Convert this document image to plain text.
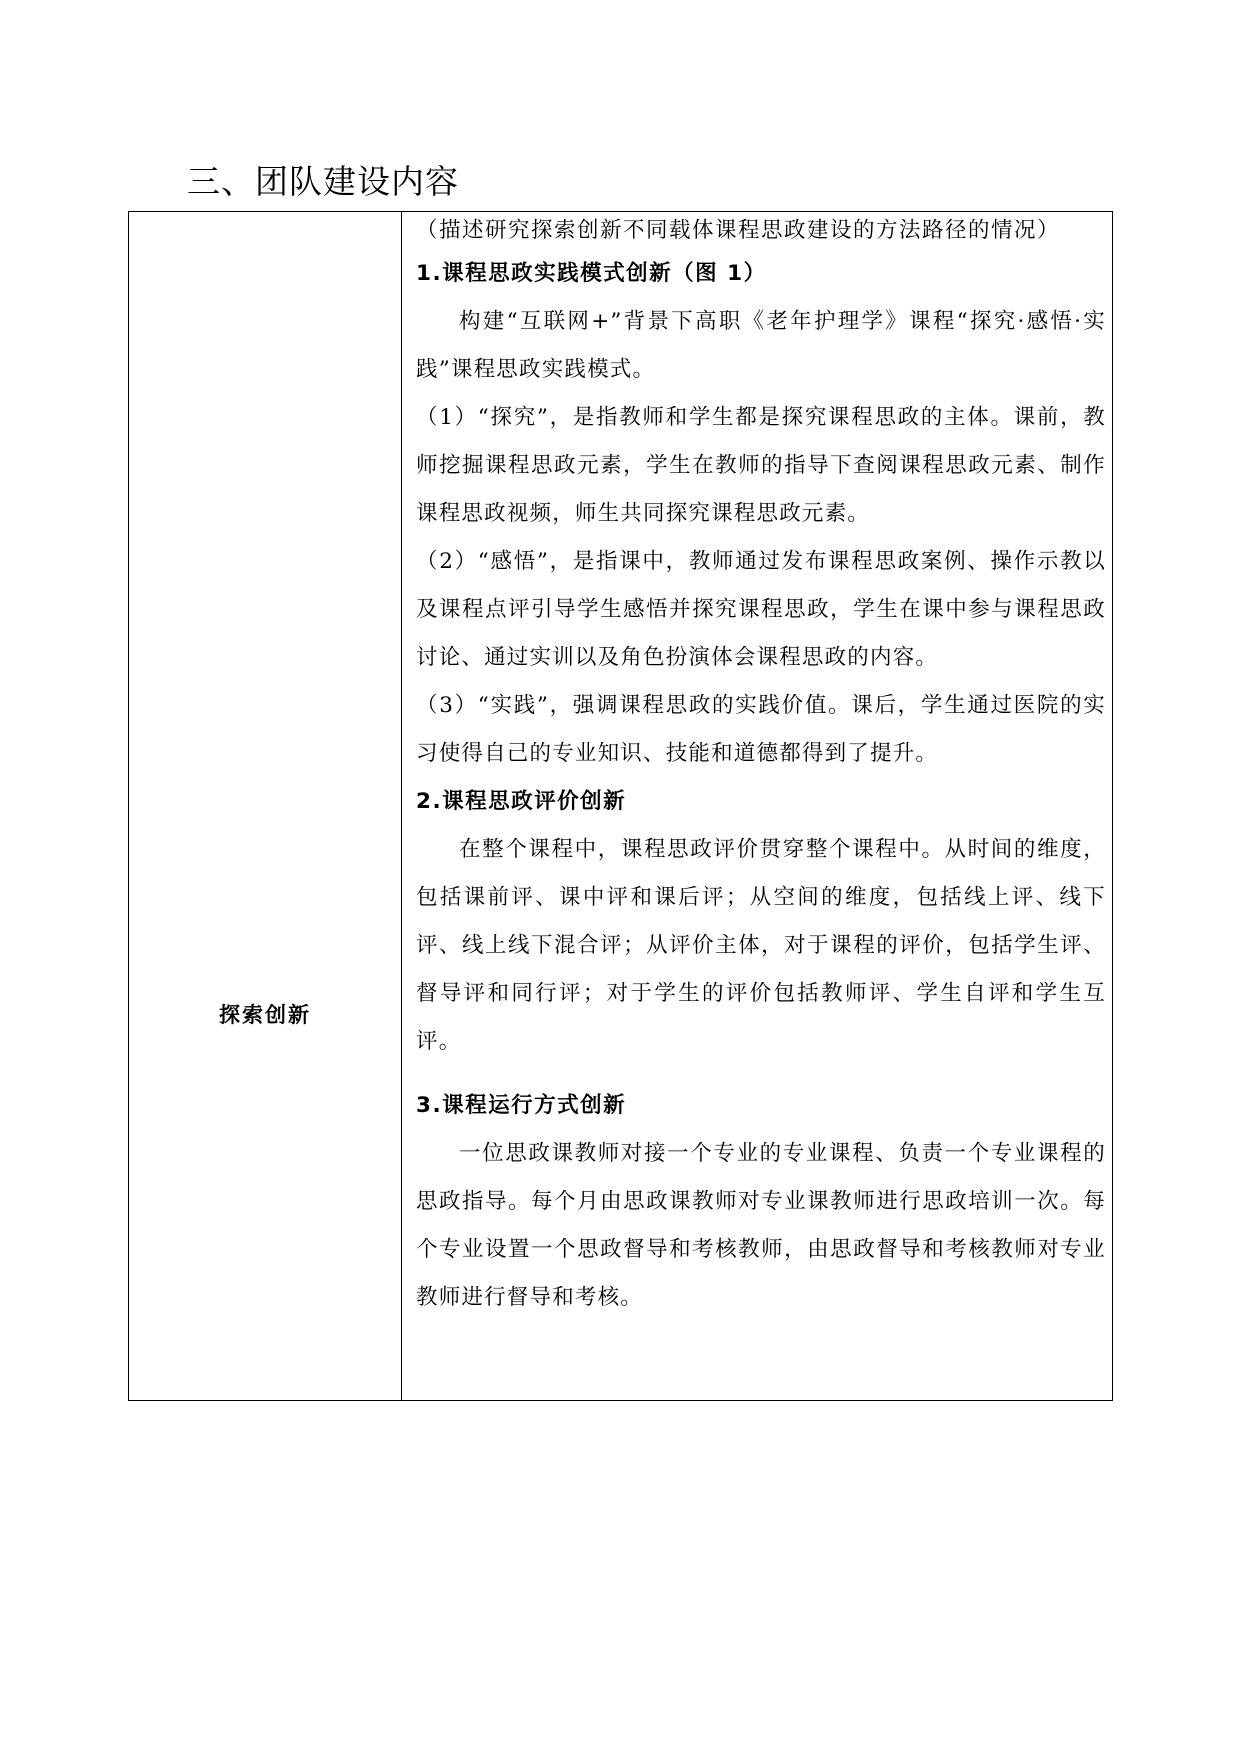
三、团队建设内容
探索创新

（描述研究探索创新不同载体课程思政建设的方法路径的情况）

1.课程思政实践模式创新（图 1）

构建“互联网+”背景下高职《老年护理学》课程“探究·感悟·实践”课程思政实践模式。

（1）“探究”，是指教师和学生都是探究课程思政的主体。课前，教师挖掘课程思政元素，学生在教师的指导下查阅课程思政元素、制作课程思政视频，师生共同探究课程思政元素。

（2）“感悟”，是指课中，教师通过发布课程思政案例、操作示教以及课程点评引导学生感悟并探究课程思政，学生在课中参与课程思政讨论、通过实训以及角色扮演体会课程思政的内容。

（3）“实践”，强调课程思政的实践价值。课后，学生通过医院的实习使得自己的专业知识、技能和道德都得到了提升。

2.课程思政评价创新

在整个课程中，课程思政评价贯穿整个课程中。从时间的维度，包括课前评、课中评和课后评；从空间的维度，包括线上评、线下评、线上线下混合评；从评价主体，对于课程的评价，包括学生评、督导评和同行评；对于学生的评价包括教师评、学生自评和学生互评。

3.课程运行方式创新

一位思政课教师对接一个专业的专业课程、负责一个专业课程的思政指导。每个月由思政课教师对专业课教师进行思政培训一次。每个专业设置一个思政督导和考核教师，由思政督导和考核教师对专业教师进行督导和考核。
